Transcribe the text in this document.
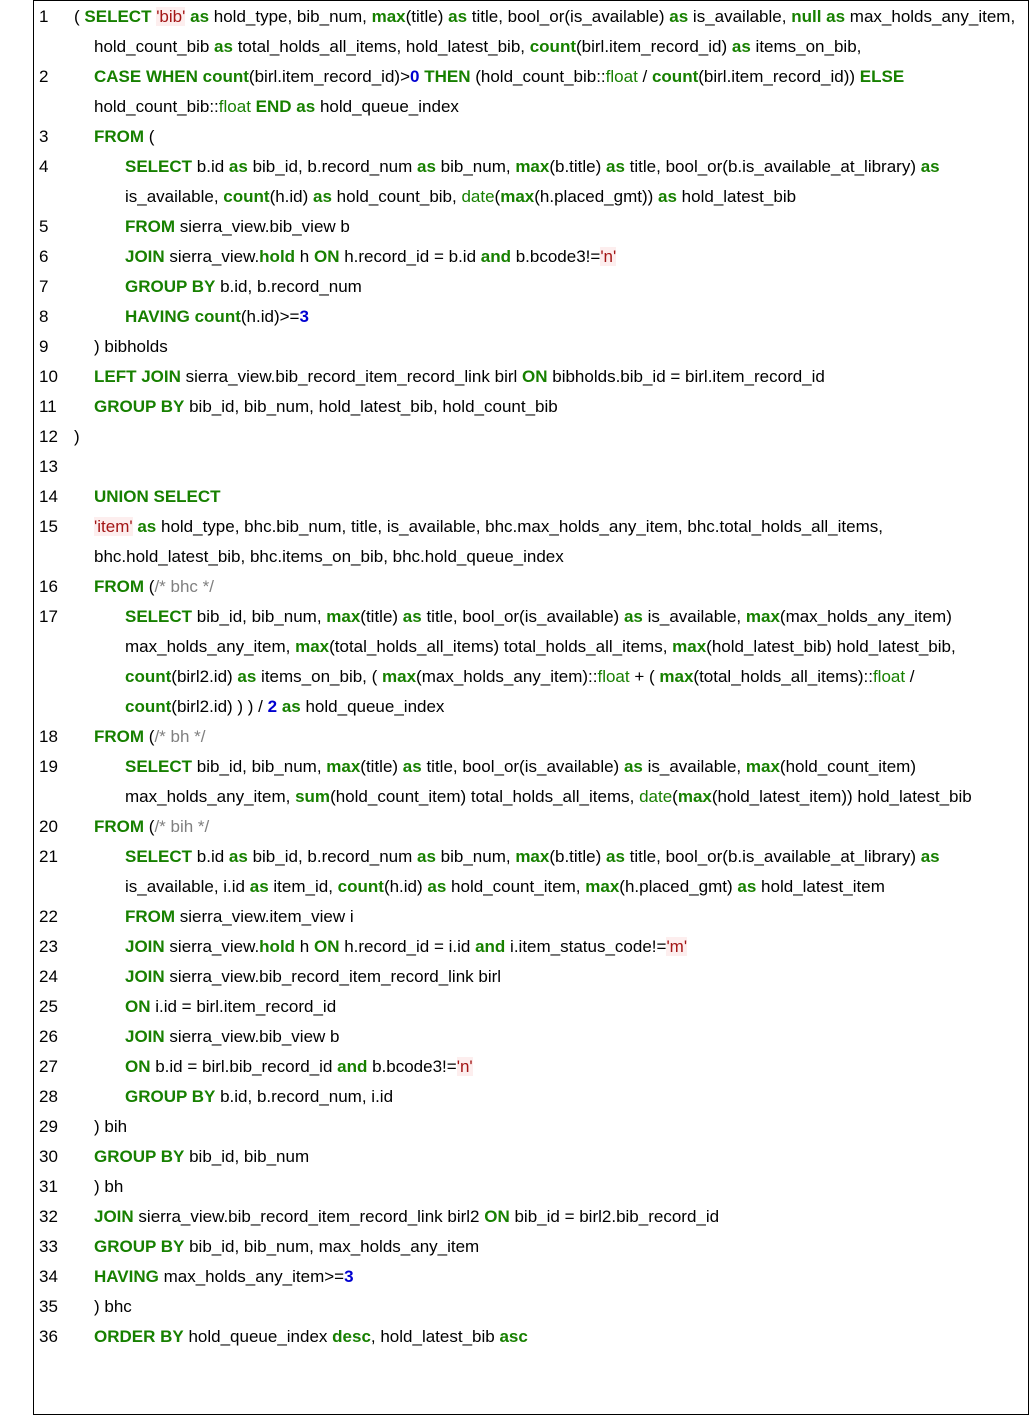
1	( SELECT 'bib' as hold_type, bib_num, max(title) as title, bool_or(is_available) as is_available, null as max_holds_any_item, hold_count_bib as total_holds_all_items, hold_latest_bib, count(birl.item_record_id) as items_on_bib,
2	CASE WHEN count(birl.item_record_id)>0 THEN (hold_count_bib::float / count(birl.item_record_id)) ELSE hold_count_bib::float END as hold_queue_index
3	FROM (
4	SELECT b.id as bib_id, b.record_num as bib_num, max(b.title) as title, bool_or(b.is_available_at_library) as is_available, count(h.id) as hold_count_bib, date(max(h.placed_gmt)) as hold_latest_bib
5	FROM sierra_view.bib_view b
6	JOIN sierra_view.hold h ON h.record_id = b.id and b.bcode3!='n'
7	GROUP BY b.id, b.record_num
8	HAVING count(h.id)>=3
9	) bibholds
10 LEFT JOIN sierra_view.bib_record_item_record_link birl ON bibholds.bib_id = birl.item_record_id
11	GROUP BY bib_id, bib_num, hold_latest_bib, hold_count_bib
12 )
13

14 UNION SELECT
15 'item' as hold_type, bhc.bib_num, title, is_available, bhc.max_holds_any_item, bhc.total_holds_all_items, bhc.hold_latest_bib, bhc.items_on_bib, bhc.hold_queue_index
16 FROM (/* bhc */
17	SELECT bib_id, bib_num, max(title) as title, bool_or(is_available) as is_available, max(max_holds_any_item) max_holds_any_item, max(total_holds_all_items) total_holds_all_items, max(hold_latest_bib) hold_latest_bib, count(birl2.id) as items_on_bib, ( max(max_holds_any_item)::float + ( max(total_holds_all_items)::float / count(birl2.id) ) ) / 2 as hold_queue_index
18 FROM (/* bh */
19	SELECT bib_id, bib_num, max(title) as title, bool_or(is_available) as is_available, max(hold_count_item) max_holds_any_item, sum(hold_count_item) total_holds_all_items, date(max(hold_latest_item)) hold_latest_bib
20 FROM (/* bih */
21	SELECT b.id as bib_id, b.record_num as bib_num, max(b.title) as title, bool_or(b.is_available_at_library) as is_available, i.id as item_id, count(h.id) as hold_count_item, max(h.placed_gmt) as hold_latest_item
22	FROM sierra_view.item_view i
23	JOIN sierra_view.hold h ON h.record_id = i.id and i.item_status_code!='m'
24	JOIN sierra_view.bib_record_item_record_link birl
25	ON i.id = birl.item_record_id
26	JOIN sierra_view.bib_view b
27	ON b.id = birl.bib_record_id and b.bcode3!='n'
28	GROUP BY b.id, b.record_num, i.id
29 ) bih
30 GROUP BY bib_id, bib_num
31 ) bh
32 JOIN sierra_view.bib_record_item_record_link birl2 ON bib_id = birl2.bib_record_id
33 GROUP BY bib_id, bib_num, max_holds_any_item
34 HAVING max_holds_any_item>=3
35 ) bhc
36 ORDER BY hold_queue_index desc, hold_latest_bib asc
